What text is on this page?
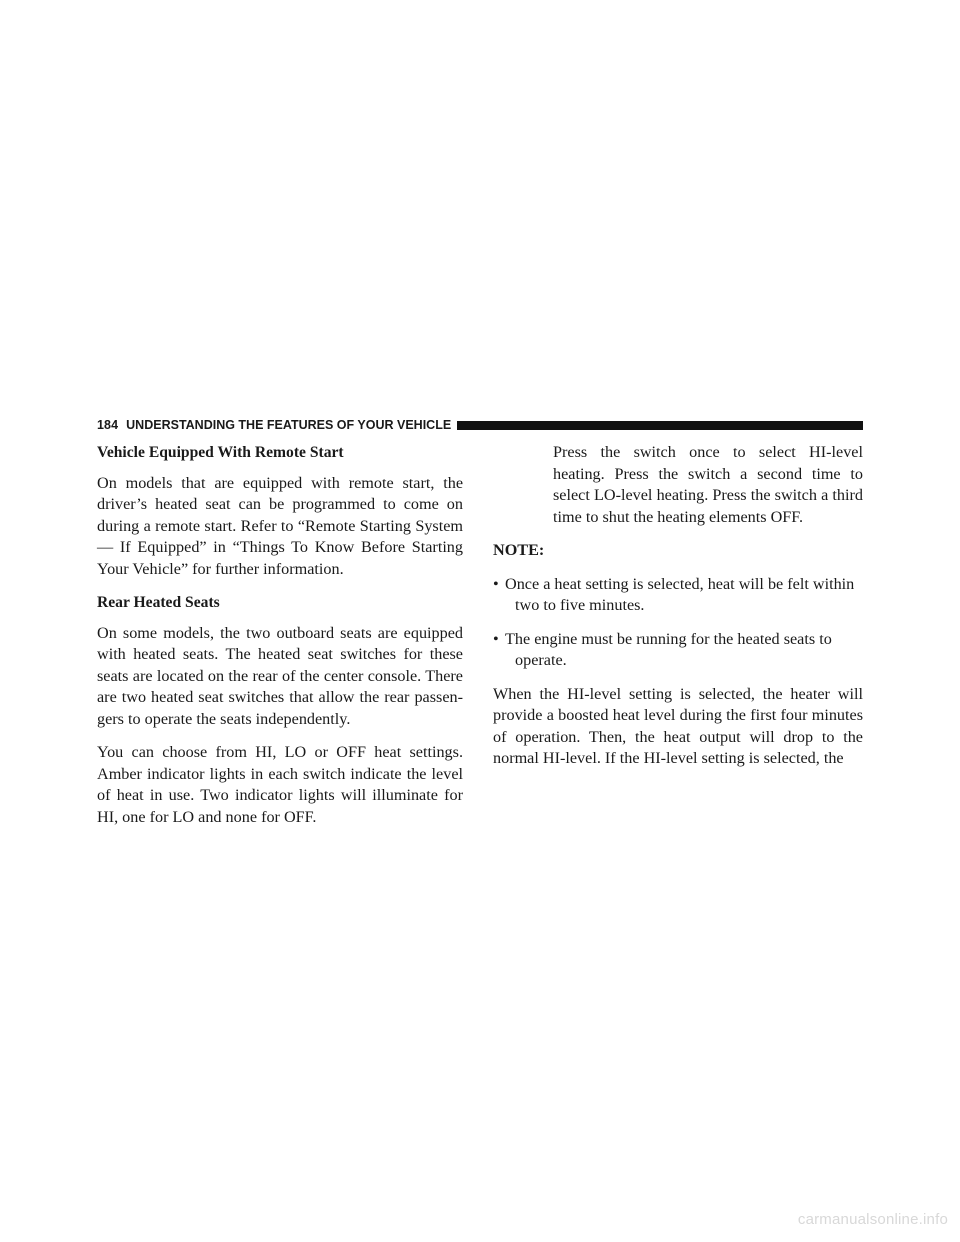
184 UNDERSTANDING THE FEATURES OF YOUR VEHICLE

Vehicle Equipped With Remote Start

On models that are equipped with remote start, the driver’s heated seat can be programmed to come on during a remote start. Refer to “Remote Starting System — If Equipped” in “Things To Know Before Starting Your Vehicle” for further information.

Rear Heated Seats

On some models, the two outboard seats are equipped with heated seats. The heated seat switches for these seats are located on the rear of the center console. There are two heated seat switches that allow the rear passen-gers to operate the seats independently.

You can choose from HI, LO or OFF heat settings. Amber indicator lights in each switch indicate the level of heat in use. Two indicator lights will illuminate for HI, one for LO and none for OFF.

Press the switch once to select HI-level heating. Press the switch a second time to select LO-level heating. Press the switch a third time to shut the heating elements OFF.

NOTE:

• Once a heat setting is selected, heat will be felt within
two to five minutes.
• The engine must be running for the heated seats to
operate.

When the HI-level setting is selected, the heater will provide a boosted heat level during the first four minutes of operation. Then, the heat output will drop to the normal HI-level. If the HI-level setting is selected, the

carmanualsonline.info
